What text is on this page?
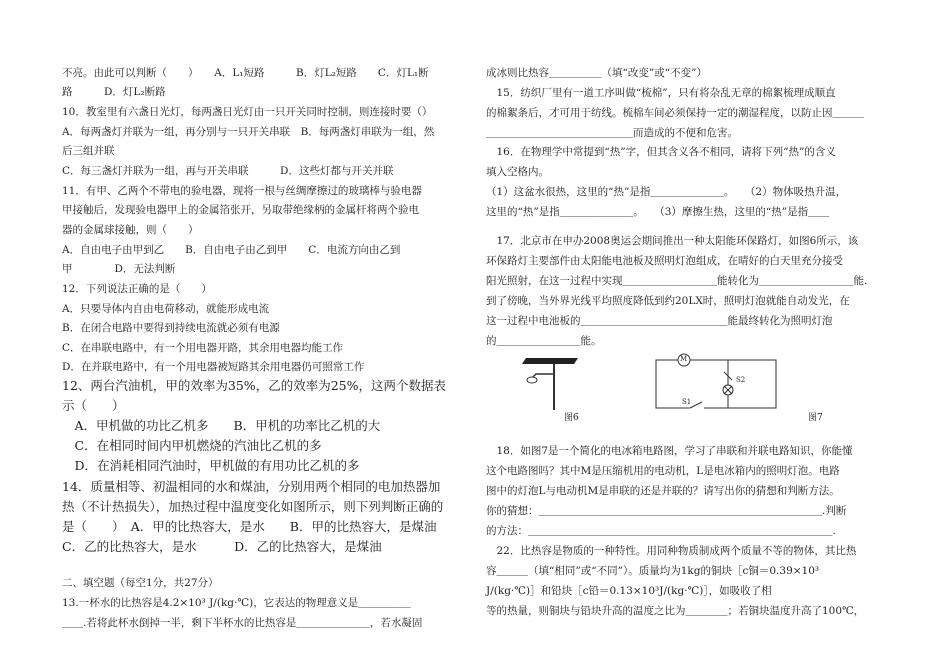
不亮。由此可以判断（　　）　　A．L₁短路　　　B．灯L₂短路　　C．灯L₁断
路　　　D．灯L₂断路
10．教室里有六盏日光灯，每两盏日光灯由一只开关同时控制，则连接时要（）
A．每两盏灯并联为一组，再分别与一只开关串联　B．每两盏灯串联为一组，然
后三组并联
C．每三盏灯并联为一组，再与开关串联　　　D．这些灯都与开关并联
11．有甲、乙两个不带电的验电器，现将一根与丝绸摩擦过的玻璃棒与验电器
甲接触后，发现验电器甲上的金属箔张开，另取带绝缘柄的金属杆将两个验电
器的金属球接触，则（　　）
A．自由电子由甲到乙　　B．自由电子由乙到甲　　C．电流方向由乙到
甲　　　　D．无法判断
12．下列说法正确的是（　　）
A．只要导体内自由电荷移动，就能形成电流
B．在闭合电路中要得到持续电流就必须有电源
C．在串联电路中，有一个用电器开路，其余用电器均能工作
D．在并联电路中，有一个用电器被短路其余用电器仍可照常工作
12、两台汽油机，甲的效率为35%，乙的效率为25%，这两个数据表
示（　　）
　A．甲机做的功比乙机多　　B．甲机的功率比乙机的大
　C．在相同时间内甲机燃烧的汽油比乙机的多
　D．在消耗相同汽油时，甲机做的有用功比乙机的多
14．质量相等、初温相同的水和煤油，分别用两个相同的电加热器加
热（不计热损失），加热过程中温度变化如图所示，则下列判断正确的
是（　　）　A．甲的比热容大，是水　　B．甲的比热容大，是煤油
C．乙的比热容大，是水　　　D．乙的比热容大，是煤油
二、填空题（每空1分，共27分）
13.一杯水的比热容是4.2×10³ J/(kg·℃)，它表达的物理意义是＿＿＿＿＿
＿＿.若将此杯水倒掉一半，剩下半杯水的比热容是＿＿＿＿＿＿＿，若水凝固
成冰则比热容＿＿＿＿＿（填“改变”或“不变”）
　15．纺织厂里有一道工序叫做“梳棉”，只有将杂乱无章的棉絮梳理成顺直
的棉絮条后，才可用于纺线。梳棉车间必须保持一定的潮湿程度，以防止因＿＿＿
＿＿＿＿＿＿＿＿＿＿＿＿＿＿而造成的不便和危害。
　16．在物理学中常提到“热”字，但其含义各不相同，请将下列“热”的含义
填入空格内。
（1）这盆水很热，这里的“热”是指＿＿＿＿＿＿＿。　　（2）物体吸热升温，
这里的“热”是指＿＿＿＿＿＿＿。　　（3）摩擦生热，这里的“热”是指＿＿
　17．北京市在申办2008奥运会期间推出一种太阳能环保路灯，如图6所示，该
环保路灯主要部件由太阳能电池板及照明灯泡组成，在晴好的白天里充分接受
阳光照射，在这一过程中实现＿＿＿＿＿＿＿＿＿能转化为＿＿＿＿＿＿＿＿＿能.
到了傍晚，当外界光线平均照度降低到约20LX时，照明灯泡就能自动发光，在
这一过程中电池板的＿＿＿＿＿＿＿＿＿＿＿＿＿＿能最终转化为照明灯泡
的＿＿＿＿＿＿＿＿能。
图6
M
S2
S1
图7
　18．如图7是一个简化的电冰箱电路图，学习了串联和并联电路知识，你能懂
这个电路图吗？其中M是压缩机用的电动机，L是电冰箱内的照明灯泡。电路
图中的灯泡L与电动机M是串联的还是并联的？请写出你的猜想和判断方法。
你的猜想：＿＿＿＿＿＿＿＿＿＿＿＿＿＿＿＿＿＿＿＿＿＿＿＿＿＿＿.判断
的方法：＿＿＿＿＿＿＿＿＿＿＿＿＿＿＿＿＿＿＿＿＿＿＿＿＿＿＿＿＿.
　22．比热容是物质的一种特性。用同种物质制成两个质量不等的物体，其比热
容＿＿＿（填“相同”或“不同”）。质量均为1kg的铜块［c铜＝0.39×10³
J/(kg·℃)］和铅块［c铅＝0.13×10³J/(kg·℃)］，如吸收了相
等的热量，则铜块与铅块升高的温度之比为＿＿＿＿；若铜块温度升高了100℃，
